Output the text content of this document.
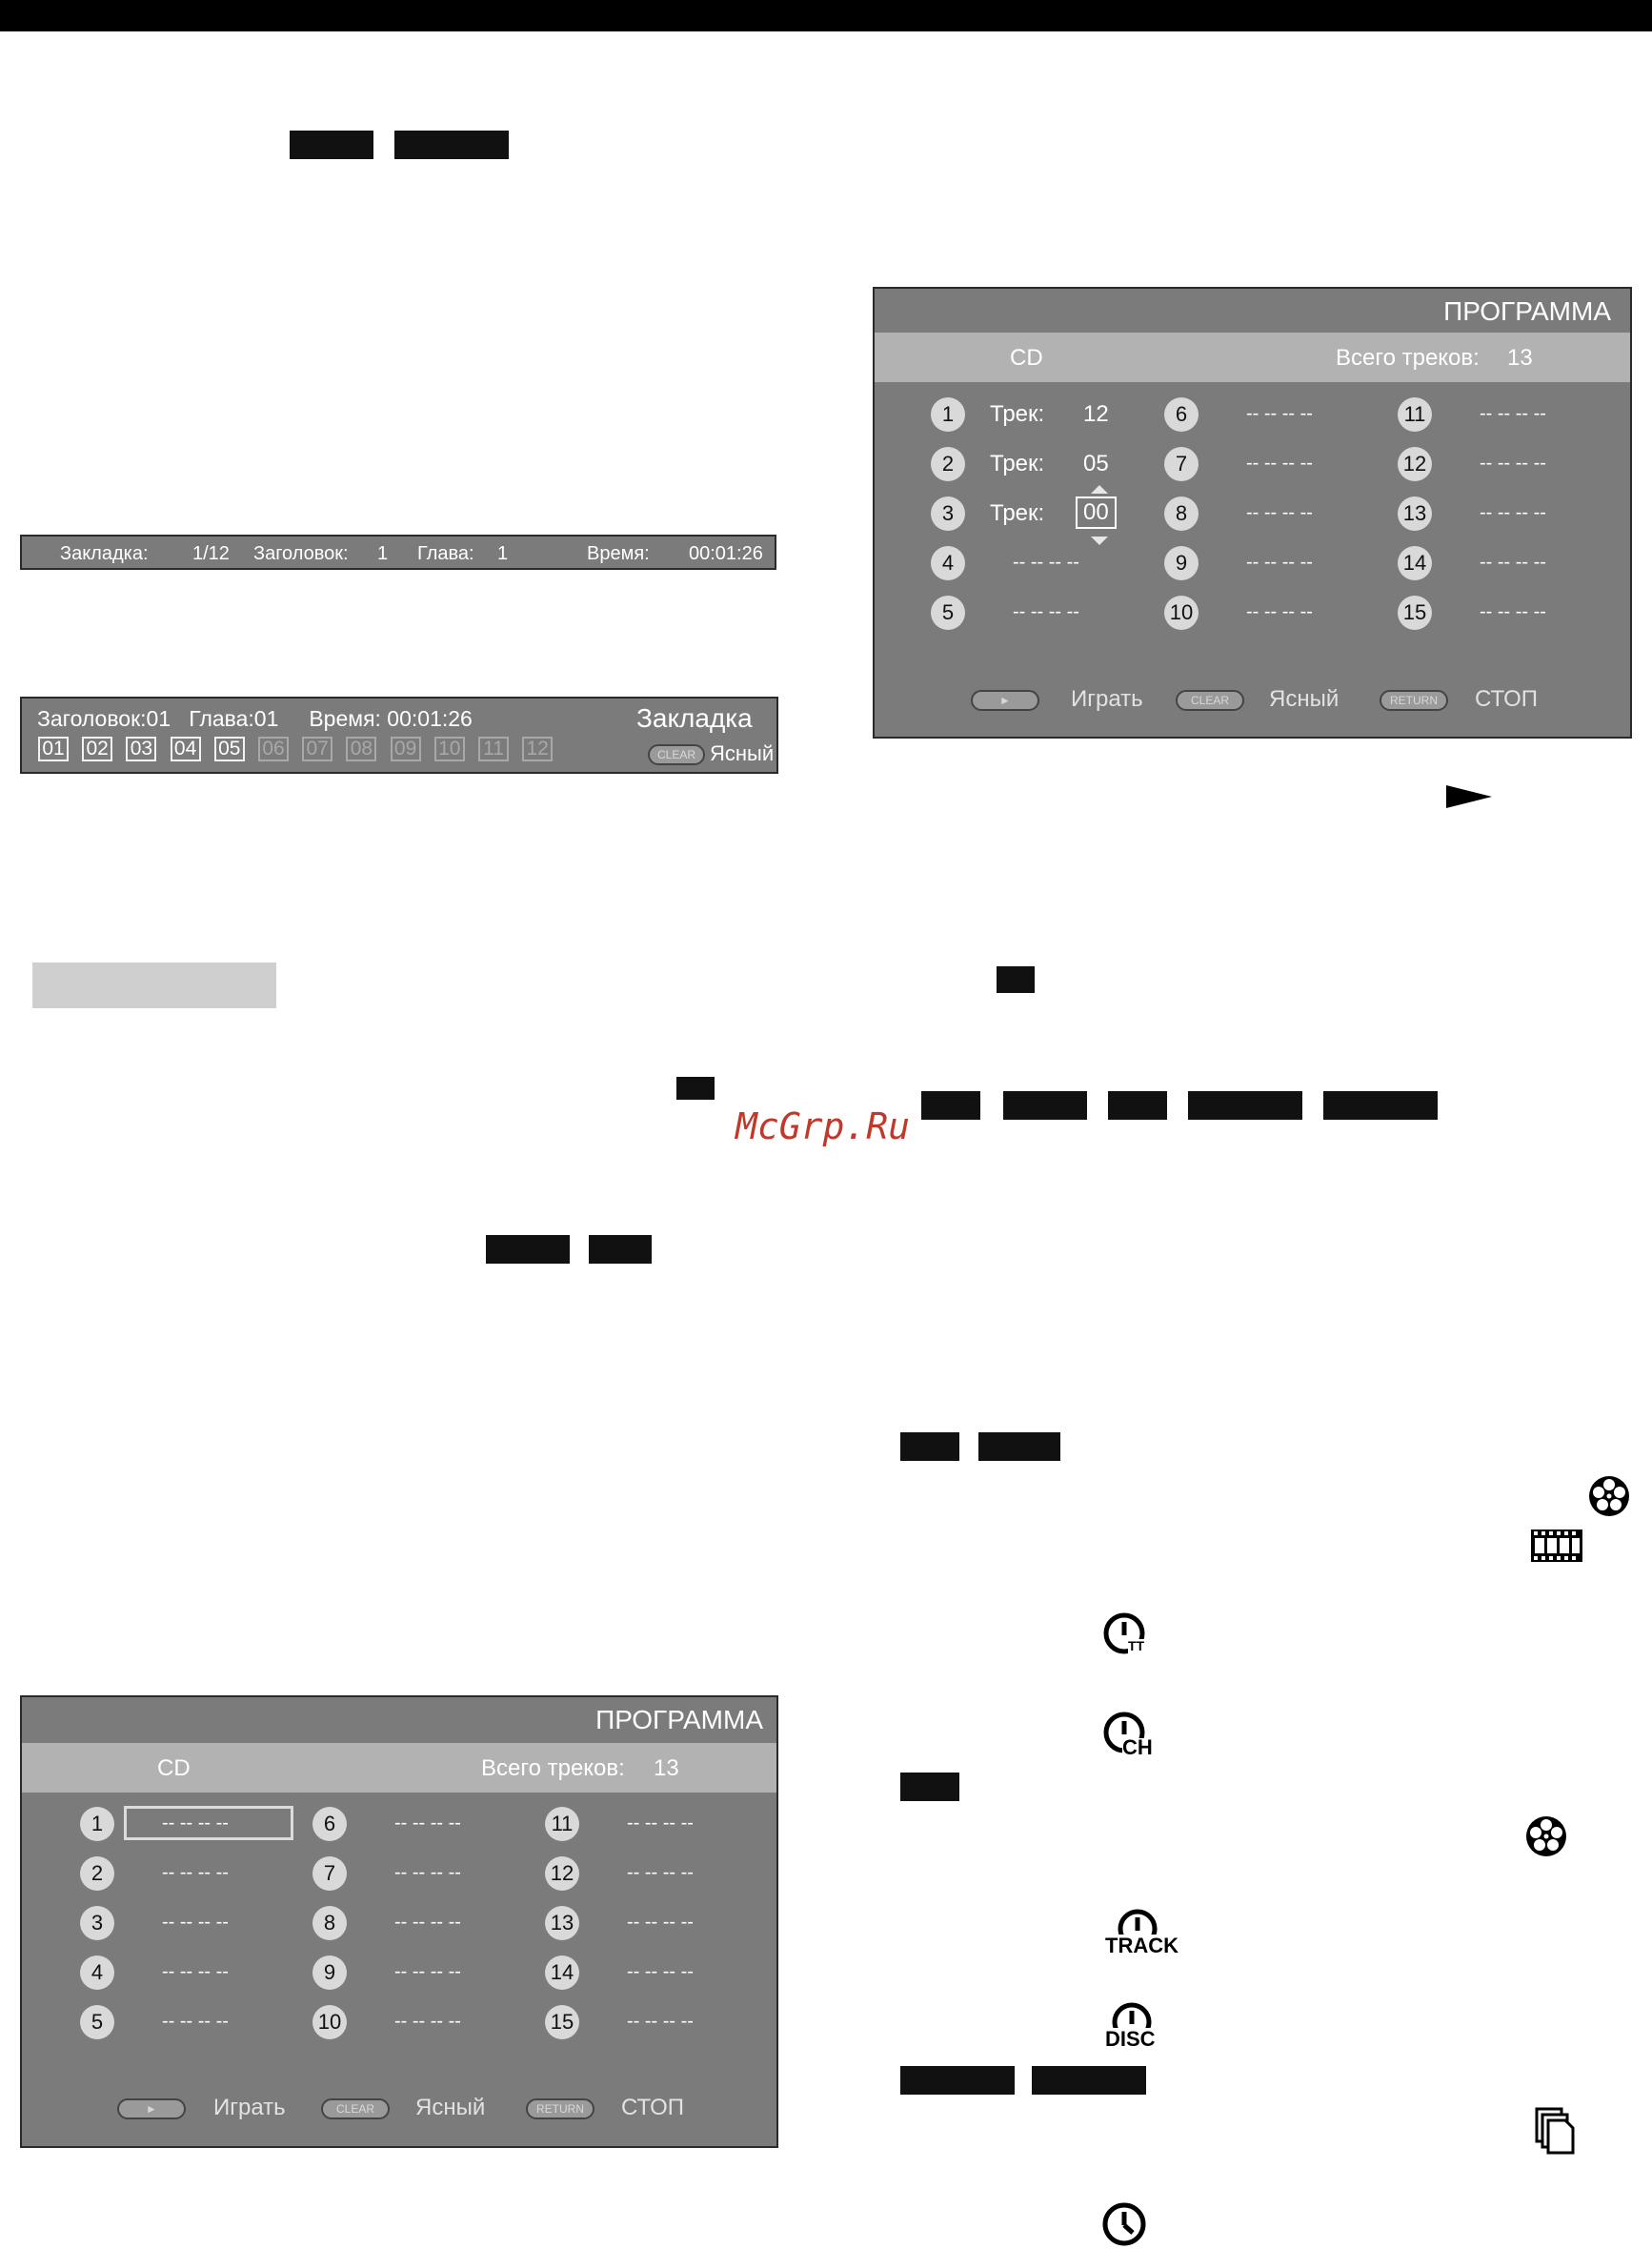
McGrp.Ru
Закладка: 1/12 Заголовок: 1 Глава: 1	Время: 00:01:26
Заголовок:01   Глава:01     Время: 00:01:26	Закладка
01 02 03 04 05 06 07 08 09 10 11 12	CLEAR Ясный
ПРОГРАММА
CD	Всего треков: 13
1	Трек: 12
2	Трек: 05
3	Трек:	00
4	-- -- -- --
5	-- -- -- --
6	-- -- -- --
7	-- -- -- --
8	-- -- -- --
9	-- -- -- --
10	-- -- -- --
11	-- -- -- --
12	-- -- -- --
13	-- -- -- --
14	-- -- -- --
15	-- -- -- --
►	Играть	CLEAR	Ясный	RETURN	СТОП
ПРОГРАММА
CD	Всего треков: 13
1	-- -- -- --
2	-- -- -- --
3	-- -- -- --
4	-- -- -- --
5	-- -- -- --
6	-- -- -- --
7	-- -- -- --
8	-- -- -- --
9	-- -- -- --
10	-- -- -- --
11	-- -- -- --
12	-- -- -- --
13	-- -- -- --
14	-- -- -- --
15	-- -- -- --
►	Играть	CLEAR	Ясный	RETURN	СТОП
TT
CH
TRACK
DISC
